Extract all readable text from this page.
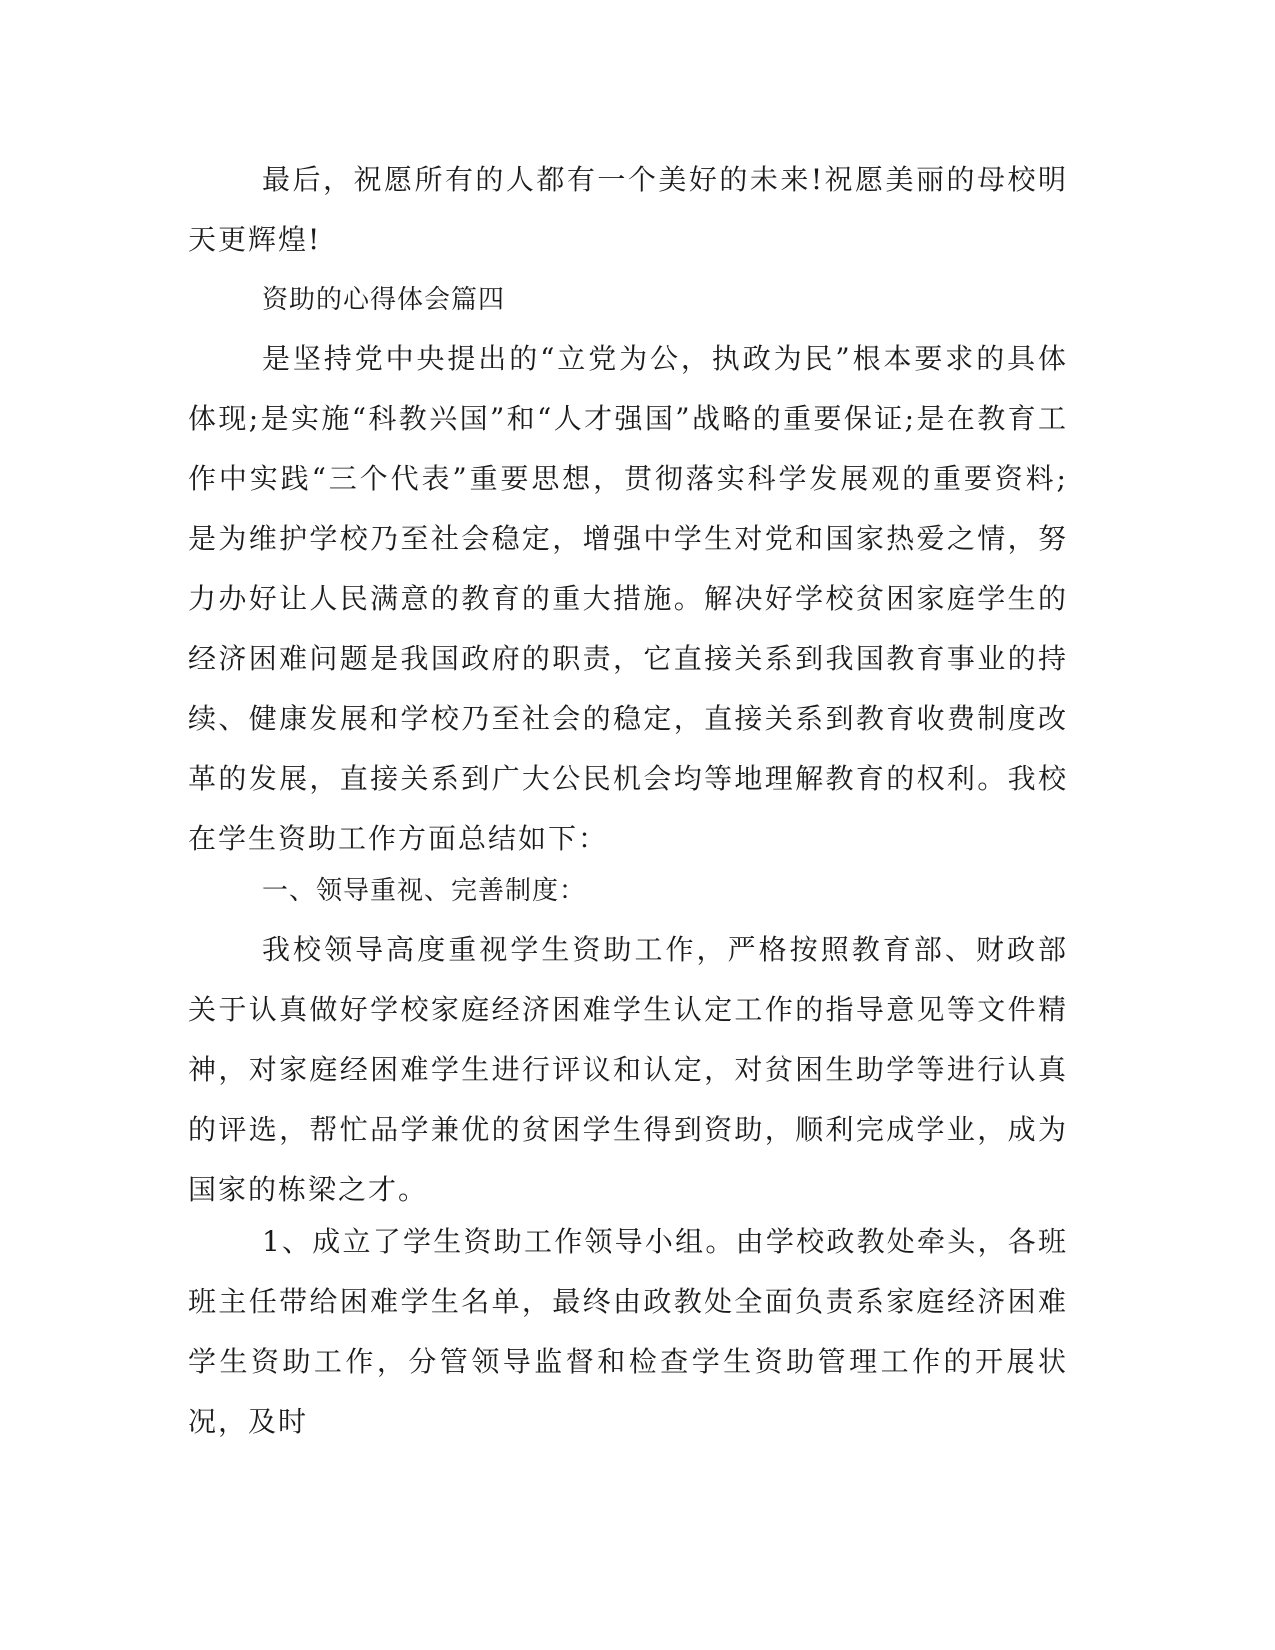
最后，祝愿所有的人都有一个美好的未来!祝愿美丽的母校明天更辉煌!

资助的心得体会篇四

是坚持党中央提出的“立党为公，执政为民”根本要求的具体体现;是实施“科教兴国”和“人才强国”战略的重要保证;是在教育工作中实践“三个代表”重要思想，贯彻落实科学发展观的重要资料;是为维护学校乃至社会稳定，增强中学生对党和国家热爱之情，努力办好让人民满意的教育的重大措施。解决好学校贫困家庭学生的经济困难问题是我国政府的职责，它直接关系到我国教育事业的持续、健康发展和学校乃至社会的稳定，直接关系到教育收费制度改革的发展，直接关系到广大公民机会均等地理解教育的权利。我校在学生资助工作方面总结如下：

一、领导重视、完善制度：

我校领导高度重视学生资助工作，严格按照教育部、财政部关于认真做好学校家庭经济困难学生认定工作的指导意见等文件精神，对家庭经困难学生进行评议和认定，对贫困生助学等进行认真的评选，帮忙品学兼优的贫困学生得到资助，顺利完成学业，成为国家的栋梁之才。

1、成立了学生资助工作领导小组。由学校政教处牵头，各班班主任带给困难学生名单，最终由政教处全面负责系家庭经济困难学生资助工作，分管领导监督和检查学生资助管理工作的开展状况，及时
